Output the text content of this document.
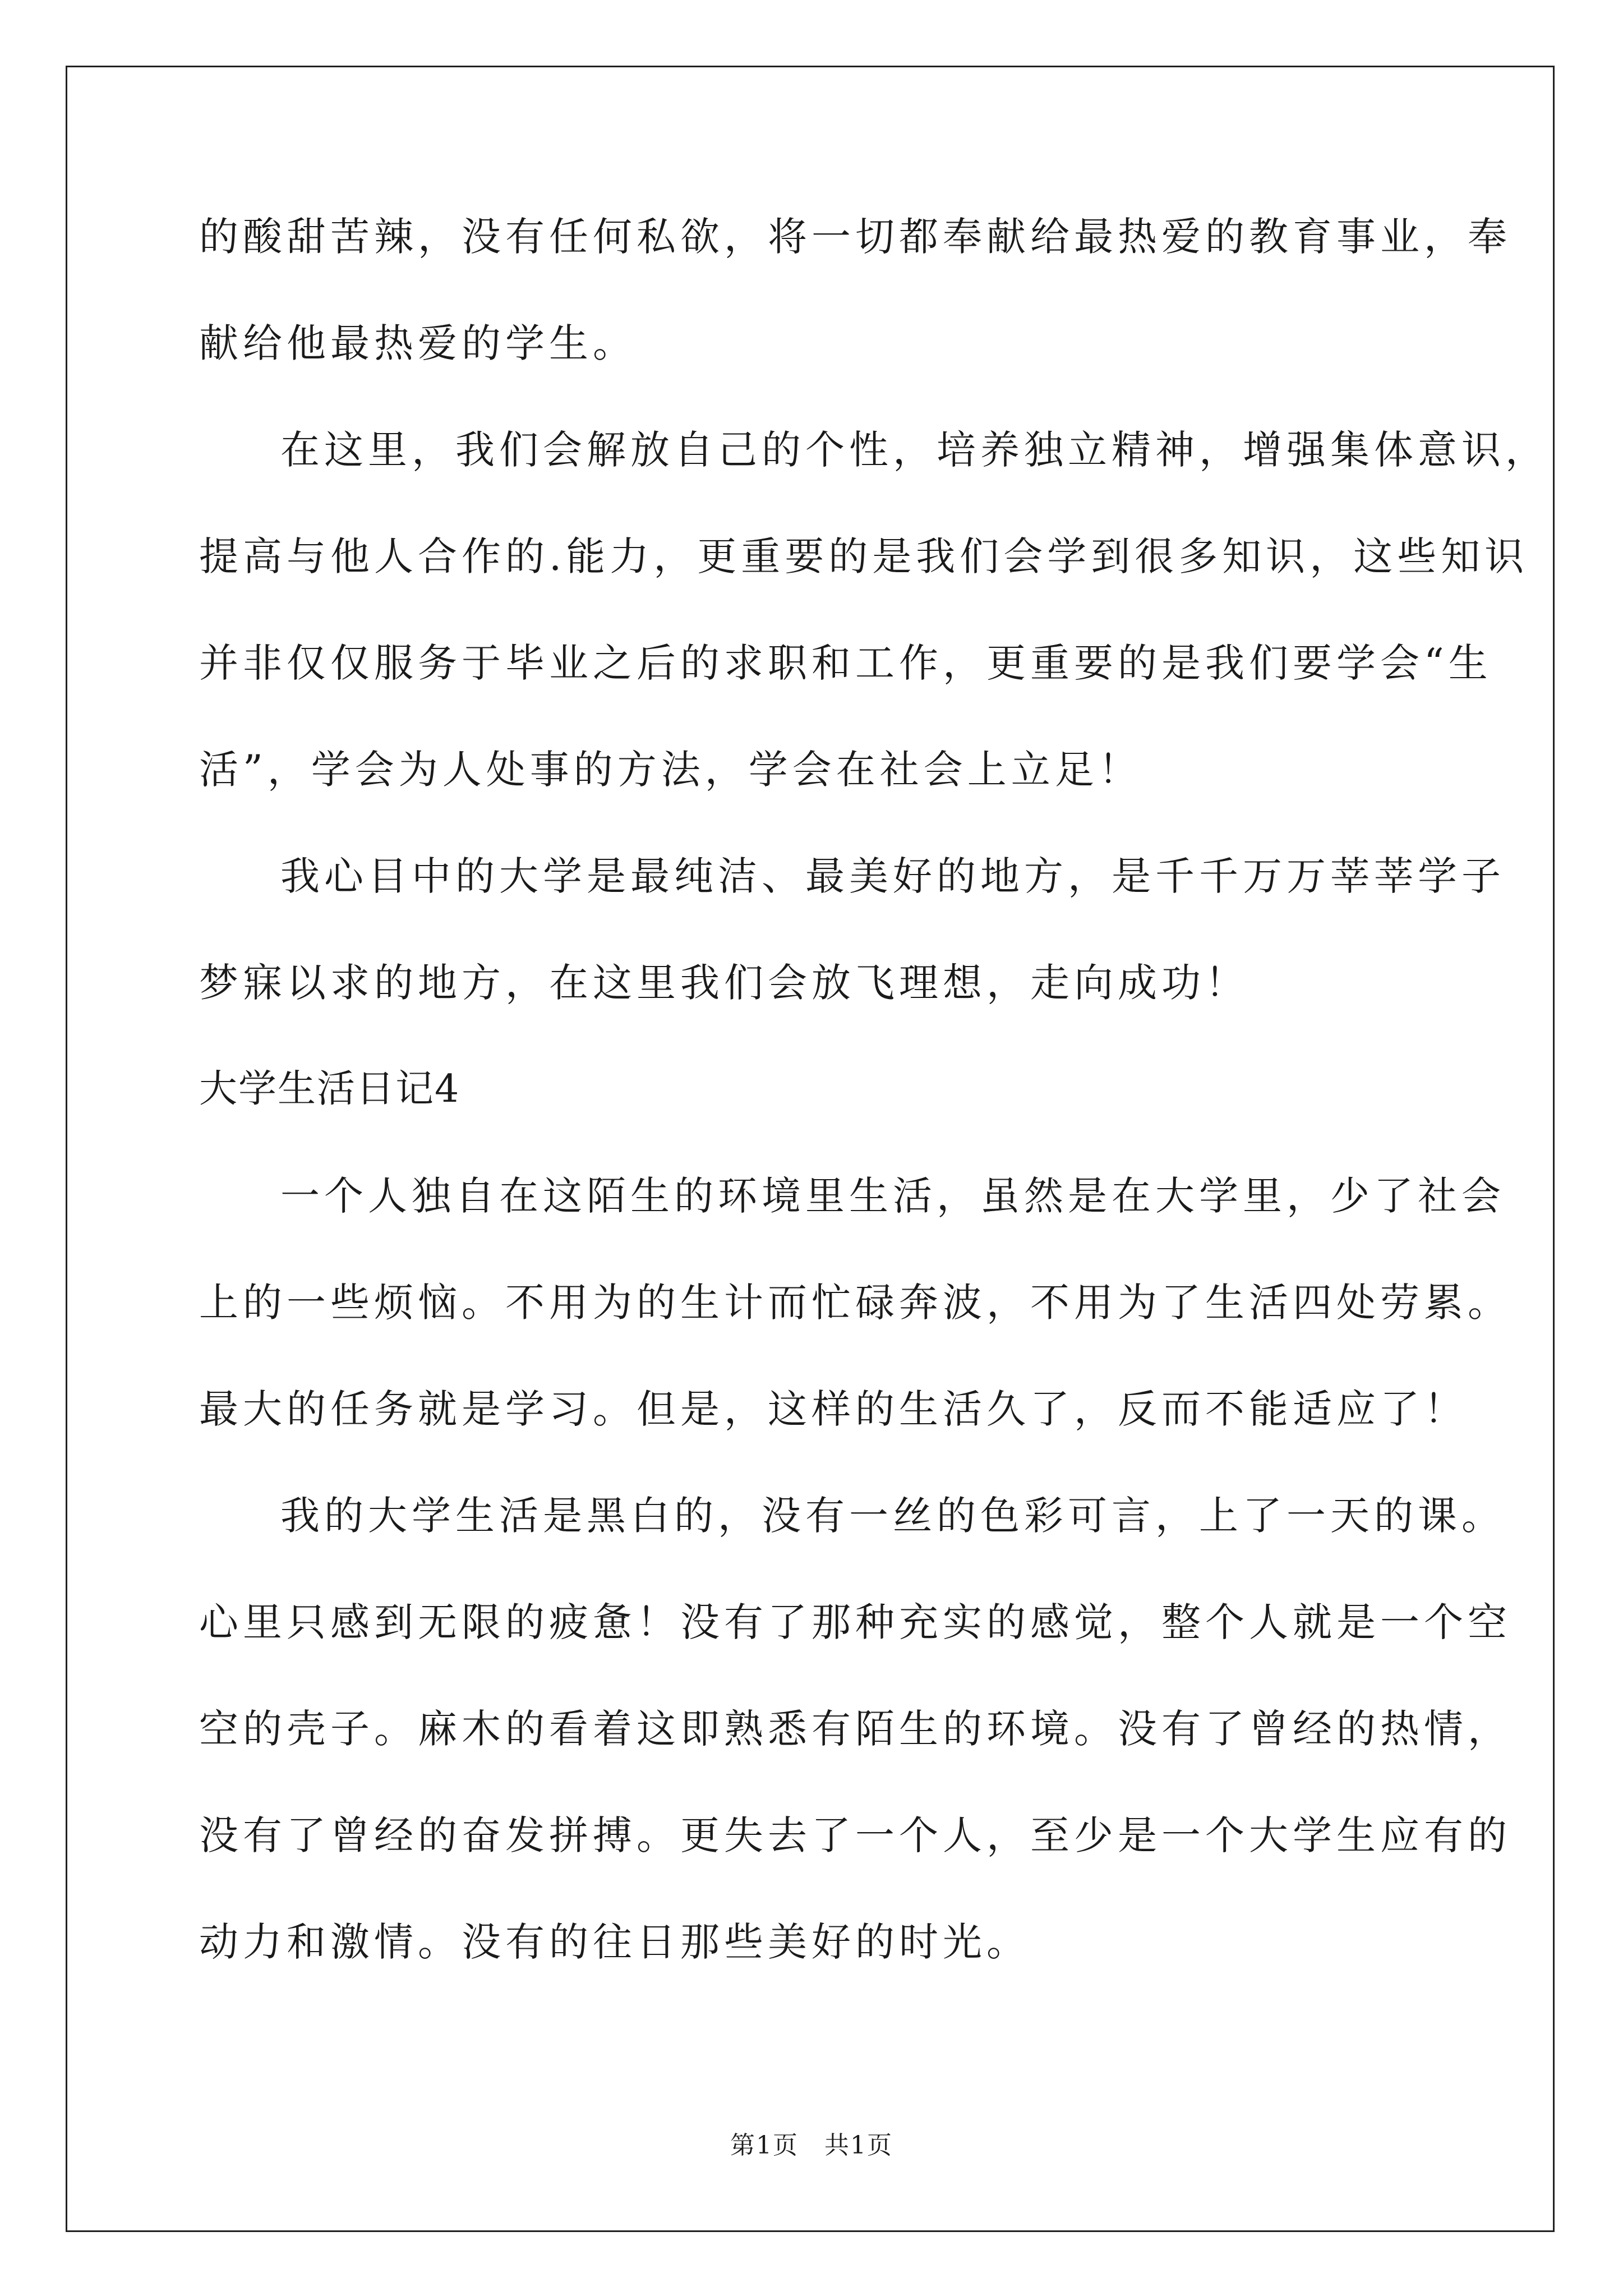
的酸甜苦辣，没有任何私欲，将一切都奉献给最热爱的教育事业，奉

献给他最热爱的学生。

在这里，我们会解放自己的个性，培养独立精神，增强集体意识，

提高与他人合作的.能力，更重要的是我们会学到很多知识，这些知识

并非仅仅服务于毕业之后的求职和工作，更重要的是我们要学会“生

活”，学会为人处事的方法，学会在社会上立足！

我心目中的大学是最纯洁、最美好的地方，是千千万万莘莘学子

梦寐以求的地方，在这里我们会放飞理想，走向成功！

大学生活日记4

一个人独自在这陌生的环境里生活，虽然是在大学里，少了社会

上的一些烦恼。不用为的生计而忙碌奔波，不用为了生活四处劳累。

最大的任务就是学习。但是，这样的生活久了，反而不能适应了！

我的大学生活是黑白的，没有一丝的色彩可言，上了一天的课。

心里只感到无限的疲惫！没有了那种充实的感觉，整个人就是一个空

空的壳子。麻木的看着这即熟悉有陌生的环境。没有了曾经的热情，

没有了曾经的奋发拼搏。更失去了一个人，至少是一个大学生应有的

动力和激情。没有的往日那些美好的时光。

第1页　共1页
